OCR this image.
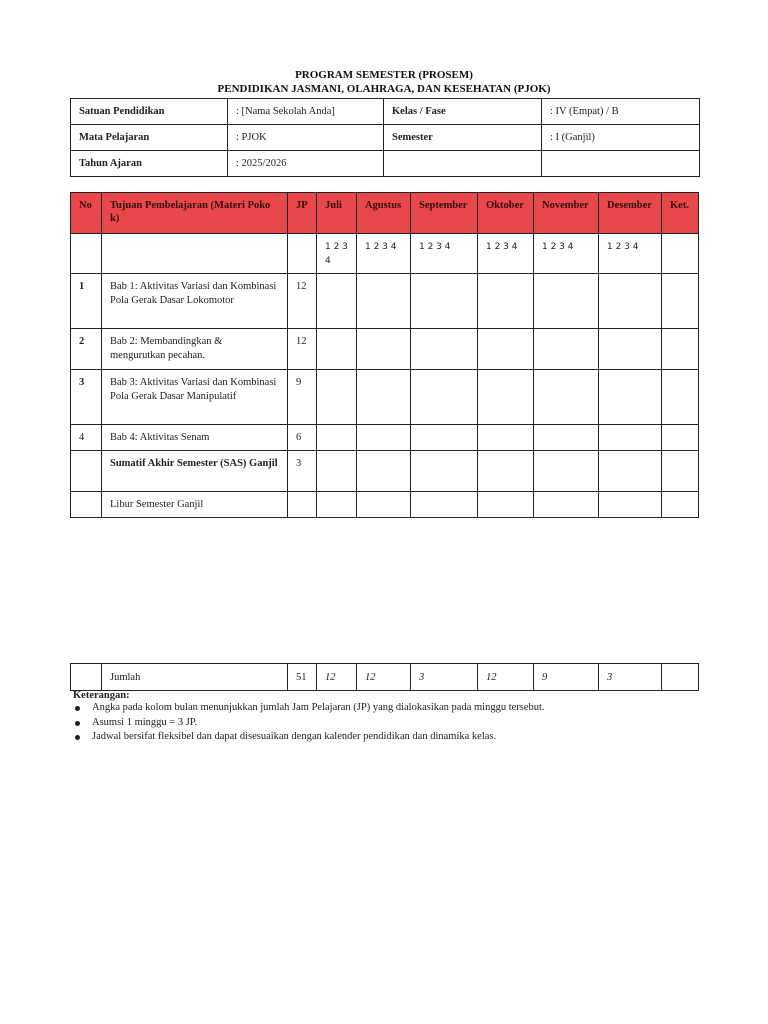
PROGRAM SEMESTER (PROSEM)
PENDIDIKAN JASMANI, OLAHRAGA, DAN KESEHATAN (PJOK)
Satuan Pendidikan	: [Nama Sekolah Anda]	Kelas / Fase	: IV (Empat) / B
Mata Pelajaran	: PJOK	Semester	: I (Ganjil)
Tahun Ajaran	: 2025/2026		
No	Tujuan Pembelajaran (Materi Pokok)	JP	Juli	Agustus	September	Oktober	November	Desember	Ket.
			1 2 3 4	1 2 3 4	1 2 3 4	1 2 3 4	1 2 3 4	1 2 3 4	
1	Bab 1: Aktivitas Variasi dan Kombinasi Pola Gerak Dasar Lokomotor	12							
2	Bab 2: Membandingkan & mengurutkan pecahan.	12							
3	Bab 3: Aktivitas Variasi dan Kombinasi Pola Gerak Dasar Manipulatif	9							
4	Bab 4: Aktivitas Senam	6							
	Sumatif Akhir Semester (SAS) Ganjil	3							
	Libur Semester Ganjil								
	Jumlah	51	12	12	3	12	9	3	
Keterangan:
Angka pada kolom bulan menunjukkan jumlah Jam Pelajaran (JP) yang dialokasikan pada minggu tersebut.
Asumsi 1 minggu = 3 JP.
Jadwal bersifat fleksibel dan dapat disesuaikan dengan kalender pendidikan dan dinamika kelas.
